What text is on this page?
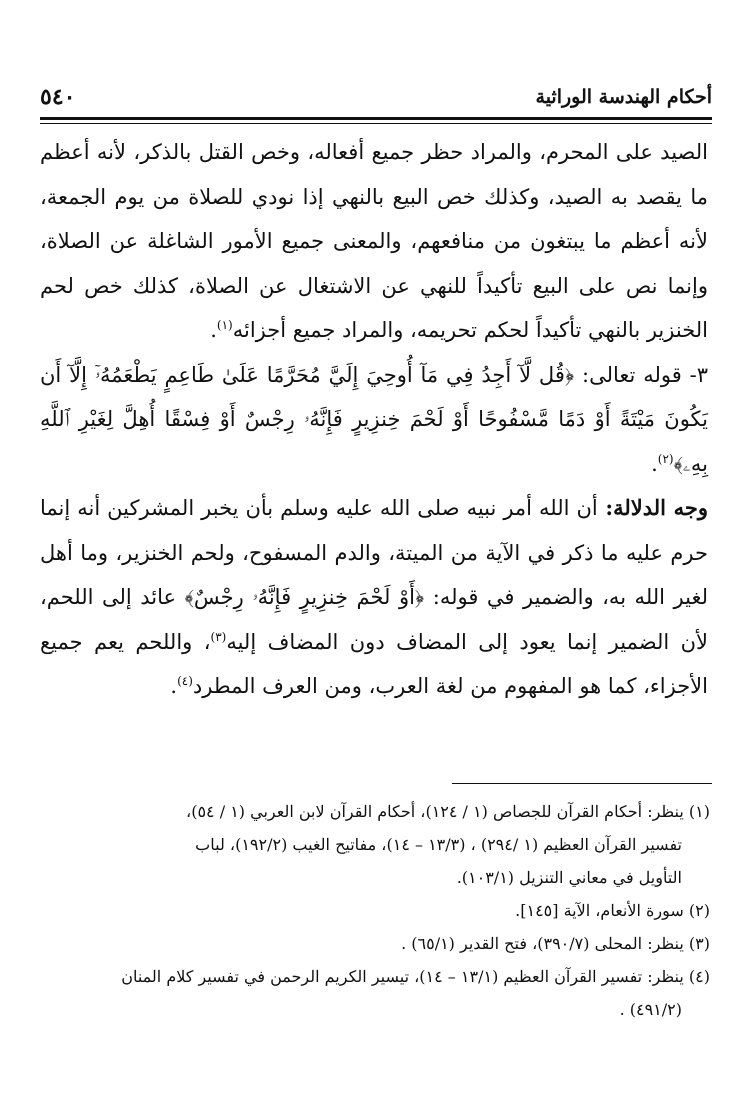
أحكام الهندسة الوراثية
٥٤٠

الصيد على المحرم، والمراد حظر جميع أفعاله، وخص القتل بالذكر، لأنه أعظم ما يقصد به الصيد، وكذلك خص البيع بالنهي إذا نودي للصلاة من يوم الجمعة، لأنه أعظم ما يبتغون من منافعهم، والمعنى جميع الأمور الشاغلة عن الصلاة، وإنما نص على البيع تأكيداً للنهي عن الاشتغال عن الصلاة، كذلك خص لحم الخنزير بالنهي تأكيداً لحكم تحريمه، والمراد جميع أجزائه$^{(١)}$.

٣- قوله تعالى: ﴿قُل لَّآ أَجِدُ فِي مَآ أُوحِيَ إِلَيَّ مُحَرَّمًا عَلَىٰ طَاعِمٍ يَطْعَمُهُۥٓ إِلَّآ أَن يَكُونَ مَيْتَةً أَوْ دَمًا مَّسْفُوحًا أَوْ لَحْمَ خِنزِيرٍ فَإِنَّهُۥ رِجْسٌ أَوْ فِسْقًا أُهِلَّ لِغَيْرِ ٱللَّهِ بِهِۦ﴾$^{(٢)}$.

وجه الدلالة: أن الله أمر نبيه صلى الله عليه وسلم بأن يخبر المشركين أنه إنما حرم عليه ما ذكر في الآية من الميتة، والدم المسفوح، ولحم الخنزير، وما أهل لغير الله به، والضمير في قوله: ﴿أَوْ لَحْمَ خِنزِيرٍ فَإِنَّهُۥ رِجْسٌ﴾ عائد إلى اللحم، لأن الضمير إنما يعود إلى المضاف دون المضاف إليه$^{(٣)}$، واللحم يعم جميع الأجزاء، كما هو المفهوم من لغة العرب، ومن العرف المطرد$^{(٤)}$.

(١) ينظر: أحكام القرآن للجصاص (١ / ١٢٤)، أحكام القرآن لابن العربي (١ / ٥٤)،

تفسير القرآن العظيم (١ /٢٩٤) ، (١٣/٣ – ١٤)، مفاتيح الغيب (١٩٢/٢)، لباب

التأويل في معاني التنزيل (١٠٣/١).

(٢) سورة الأنعام، الآية [١٤٥].

(٣) ينظر: المحلى (٣٩٠/٧)، فتح القدير (٦٥/١) .

(٤) ينظر: تفسير القرآن العظيم (١٣/١ – ١٤)، تيسير الكريم الرحمن في تفسير كلام المنان

(٤٩١/٢) .
